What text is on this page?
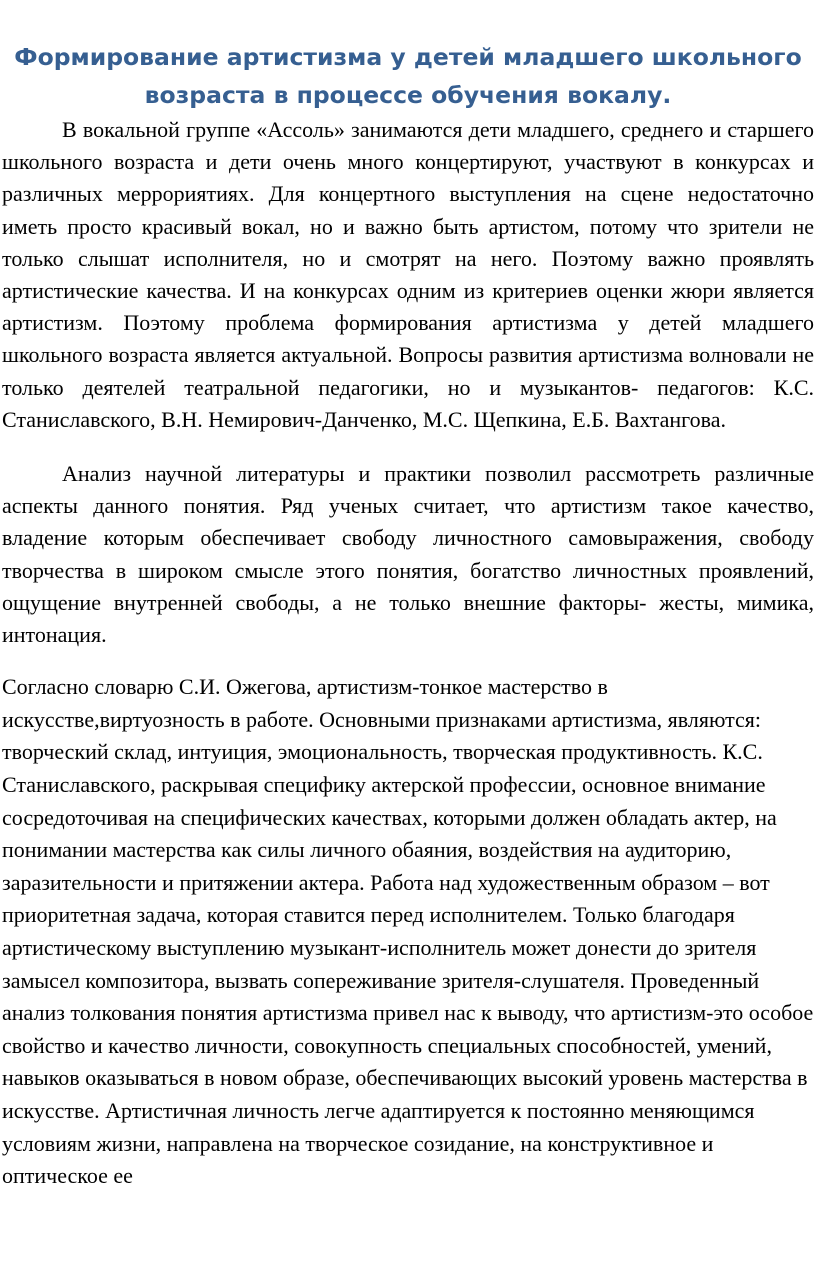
Формирование артистизма у детей младшего школьного возраста в процессе обучения вокалу.

В вокальной группе «Ассоль» занимаются дети младшего, среднего и старшего школьного возраста и дети очень много концертируют, участвуют в конкурсах и различных меррориятиях. Для концертного выступления на сцене недостаточно иметь просто красивый вокал, но и важно быть артистом, потому что зрители не только слышат исполнителя, но и смотрят на него. Поэтому важно проявлять артистические качества. И на конкурсах одним из критериев оценки жюри является артистизм. Поэтому проблема формирования артистизма у детей младшего школьного возраста является актуальной. Вопросы развития артистизма волновали не только деятелей театральной педагогики, но и музыкантов- педагогов: К.С. Станиславского, В.Н. Немирович-Данченко, М.С. Щепкина, Е.Б. Вахтангова.

Анализ научной литературы и практики позволил рассмотреть различные аспекты данного понятия. Ряд ученых считает, что артистизм такое качество, владение которым обеспечивает свободу личностного самовыражения, свободу творчества в широком смысле этого понятия, богатство личностных проявлений, ощущение внутренней свободы, а не только внешние факторы- жесты, мимика, интонация.

Согласно словарю С.И. Ожегова, артистизм-тонкое мастерство в искусстве,виртуозность в работе. Основными признаками артистизма, являются: творческий склад, интуиция, эмоциональность, творческая продуктивность. К.С. Станиславского, раскрывая специфику актерской профессии, основное внимание сосредоточивая на специфических качествах, которыми должен обладать актер, на понимании мастерства как силы личного обаяния, воздействия на аудиторию, заразительности и притяжении актера. Работа над художественным образом – вот приоритетная задача, которая ставится перед исполнителем. Только благодаря артистическому выступлению музыкант-исполнитель может донести до зрителя замысел композитора, вызвать сопереживание зрителя-слушателя. Проведенный анализ толкования понятия артистизма привел нас к выводу, что артистизм-это особое свойство и качество личности, совокупность специальных способностей, умений, навыков оказываться в новом образе, обеспечивающих высокий уровень мастерства в искусстве. Артистичная личность легче адаптируется к постоянно меняющимся условиям жизни, направлена на творческое созидание, на конструктивное и оптическое ее
